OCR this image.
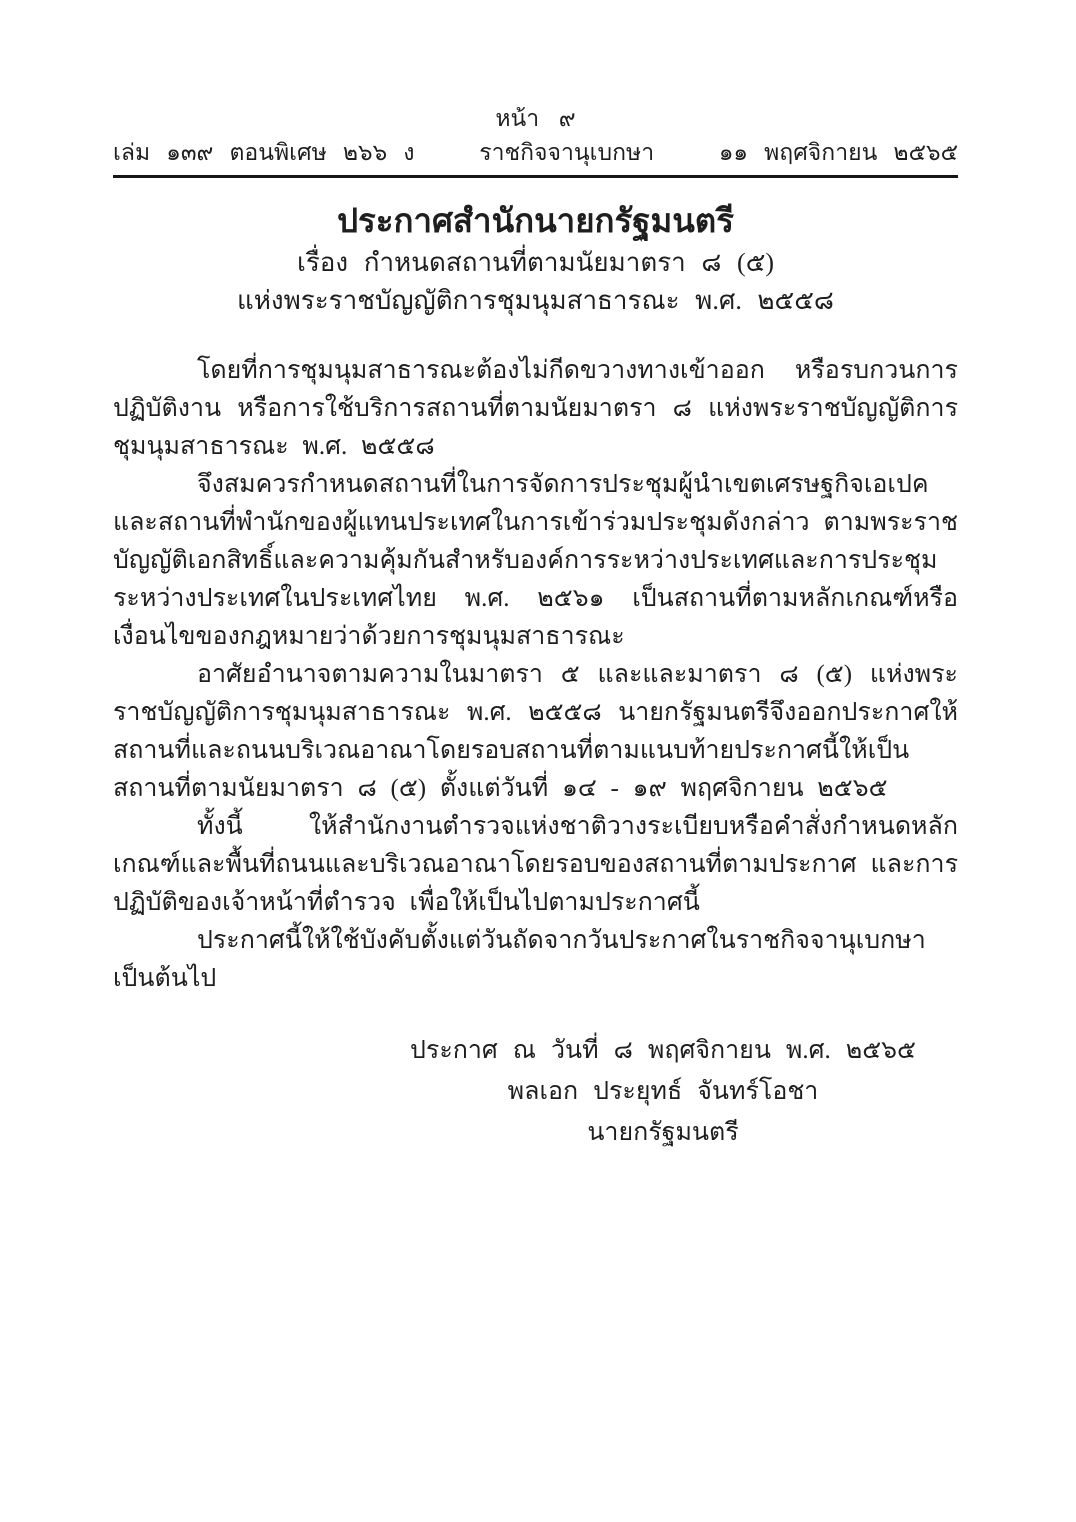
หน้า ๙
เล่ม ๑๓๙ ตอนพิเศษ ๒๖๖ ง	ราชกิจจานุเบกษา	๑๑ พฤศจิกายน ๒๕๖๕
ประกาศสำนักนายกรัฐมนตรี
เรื่อง กำหนดสถานที่ตามนัยมาตรา ๘ (๕)
แห่งพระราชบัญญัติการชุมนุมสาธารณะ พ.ศ. ๒๕๕๘

โดยที่การชุมนุมสาธารณะต้องไม่กีดขวางทางเข้าออก หรือรบกวนการปฏิบัติงาน หรือการใช้บริการสถานที่ตามนัยมาตรา ๘ แห่งพระราชบัญญัติการชุมนุมสาธารณะ พ.ศ. ๒๕๕๘

จึงสมควรกำหนดสถานที่ในการจัดการประชุมผู้นำเขตเศรษฐกิจเอเปค และสถานที่พำนักของผู้แทนประเทศในการเข้าร่วมประชุมดังกล่าว ตามพระราชบัญญัติเอกสิทธิ์และความคุ้มกันสำหรับองค์การระหว่างประเทศและการประชุมระหว่างประเทศในประเทศไทย พ.ศ. ๒๕๖๑ เป็นสถานที่ตามหลักเกณฑ์หรือเงื่อนไขของกฎหมายว่าด้วยการชุมนุมสาธารณะ

อาศัยอำนาจตามความในมาตรา ๕ และและมาตรา ๘ (๕) แห่งพระราชบัญญัติการชุมนุมสาธารณะ พ.ศ. ๒๕๕๘ นายกรัฐมนตรีจึงออกประกาศให้สถานที่และถนนบริเวณอาณาโดยรอบสถานที่ตามแนบท้ายประกาศนี้ให้เป็นสถานที่ตามนัยมาตรา ๘ (๕) ตั้งแต่วันที่ ๑๔ - ๑๙ พฤศจิกายน ๒๕๖๕

ทั้งนี้ ให้สำนักงานตำรวจแห่งชาติวางระเบียบหรือคำสั่งกำหนดหลักเกณฑ์และพื้นที่ถนนและบริเวณอาณาโดยรอบของสถานที่ตามประกาศ และการปฏิบัติของเจ้าหน้าที่ตำรวจ เพื่อให้เป็นไปตามประกาศนี้

ประกาศนี้ให้ใช้บังคับตั้งแต่วันถัดจากวันประกาศในราชกิจจานุเบกษาเป็นต้นไป

ประกาศ ณ วันที่ ๘ พฤศจิกายน พ.ศ. ๒๕๖๕
พลเอก ประยุทธ์ จันทร์โอชา
นายกรัฐมนตรี
